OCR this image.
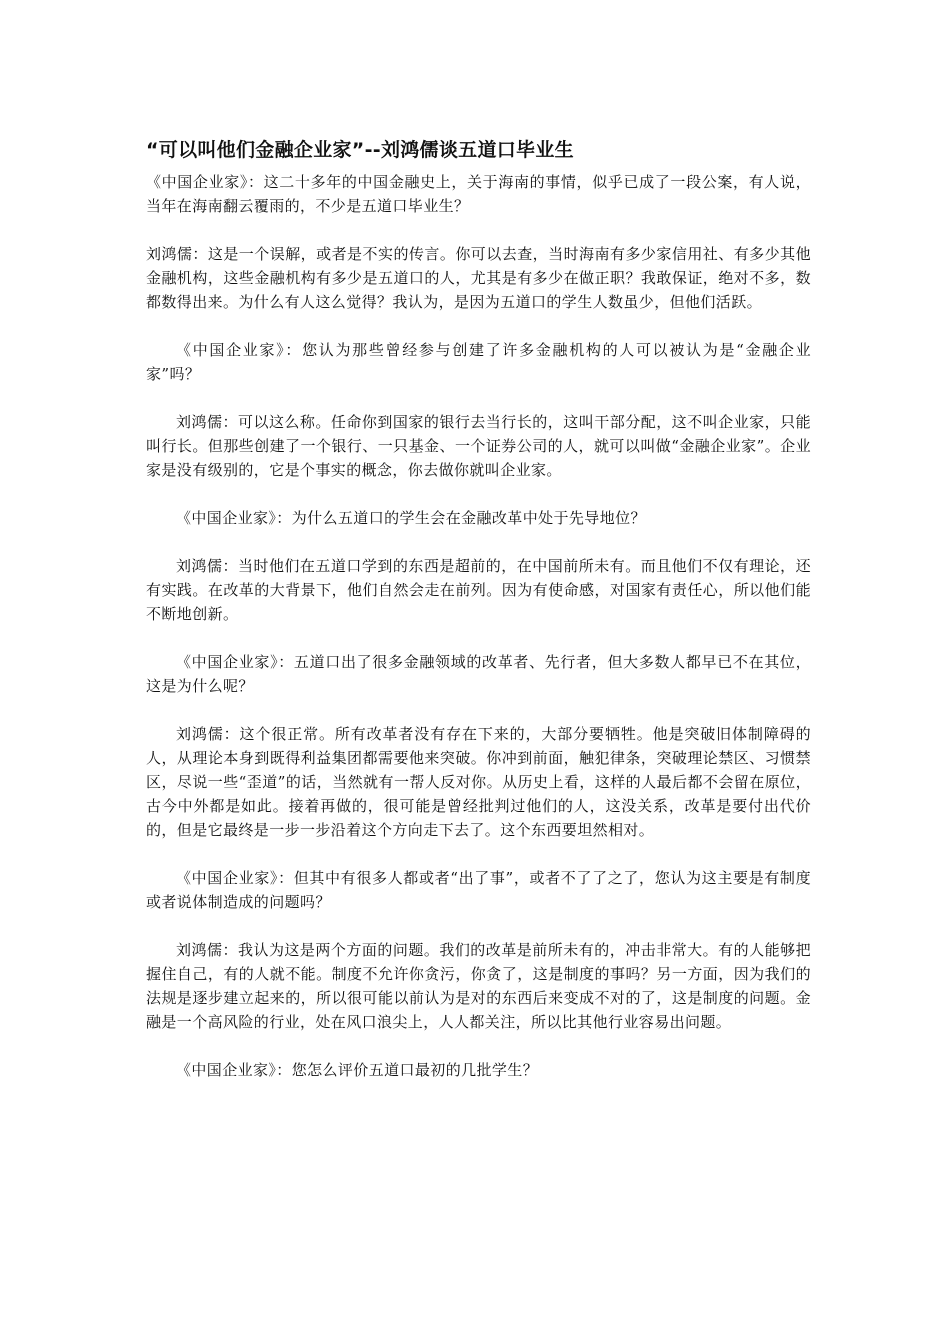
“可以叫他们金融企业家”--刘鸿儒谈五道口毕业生

《中国企业家》：这二十多年的中国金融史上，关于海南的事情，似乎已成了一段公案，有人说，当年在海南翻云覆雨的，不少是五道口毕业生？

刘鸿儒：这是一个误解，或者是不实的传言。你可以去查，当时海南有多少家信用社、有多少其他金融机构，这些金融机构有多少是五道口的人，尤其是有多少在做正职？我敢保证，绝对不多，数都数得出来。为什么有人这么觉得？我认为，是因为五道口的学生人数虽少，但他们活跃。

《中国企业家》：您认为那些曾经参与创建了许多金融机构的人可以被认为是“金融企业家”吗？

刘鸿儒：可以这么称。任命你到国家的银行去当行长的，这叫干部分配，这不叫企业家，只能叫行长。但那些创建了一个银行、一只基金、一个证券公司的人，就可以叫做“金融企业家”。企业家是没有级别的，它是个事实的概念，你去做你就叫企业家。

《中国企业家》：为什么五道口的学生会在金融改革中处于先导地位？

刘鸿儒：当时他们在五道口学到的东西是超前的，在中国前所未有。而且他们不仅有理论，还有实践。在改革的大背景下，他们自然会走在前列。因为有使命感，对国家有责任心，所以他们能不断地创新。

《中国企业家》：五道口出了很多金融领域的改革者、先行者，但大多数人都早已不在其位，这是为什么呢？

刘鸿儒：这个很正常。所有改革者没有存在下来的，大部分要牺牲。他是突破旧体制障碍的人，从理论本身到既得利益集团都需要他来突破。你冲到前面，触犯律条，突破理论禁区、习惯禁区，尽说一些“歪道”的话，当然就有一帮人反对你。从历史上看，这样的人最后都不会留在原位，古今中外都是如此。接着再做的，很可能是曾经批判过他们的人，这没关系，改革是要付出代价的，但是它最终是一步一步沿着这个方向走下去了。这个东西要坦然相对。

《中国企业家》：但其中有很多人都或者“出了事”，或者不了了之了，您认为这主要是有制度或者说体制造成的问题吗？

刘鸿儒：我认为这是两个方面的问题。我们的改革是前所未有的，冲击非常大。有的人能够把握住自己，有的人就不能。制度不允许你贪污，你贪了，这是制度的事吗？另一方面，因为我们的法规是逐步建立起来的，所以很可能以前认为是对的东西后来变成不对的了，这是制度的问题。金融是一个高风险的行业，处在风口浪尖上，人人都关注，所以比其他行业容易出问题。

《中国企业家》：您怎么评价五道口最初的几批学生？
